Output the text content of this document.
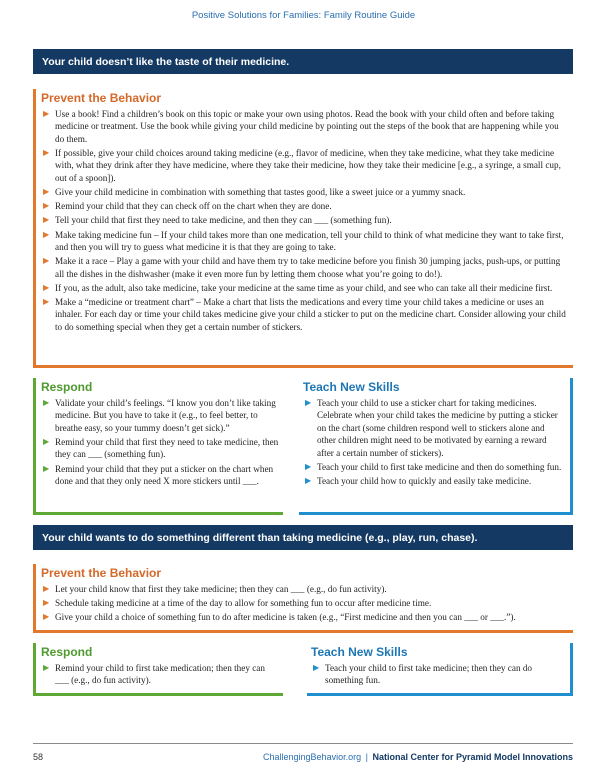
Positive Solutions for Families: Family Routine Guide
Your child doesn’t like the taste of their medicine.
Prevent the Behavior
▶ Use a book! Find a children’s book on this topic or make your own using photos. Read the book with your child often and before taking medicine or treatment. Use the book while giving your child medicine by pointing out the steps of the book that are happening while you do them.
▶ If possible, give your child choices around taking medicine (e.g., flavor of medicine, when they take medicine, what they take medicine with, what they drink after they have medicine, where they take their medicine, how they take their medicine [e.g., a syringe, a small cup, out of a spoon]).
▶ Give your child medicine in combination with something that tastes good, like a sweet juice or a yummy snack.
▶ Remind your child that they can check off on the chart when they are done.
▶ Tell your child that first they need to take medicine, and then they can ___ (something fun).
▶ Make taking medicine fun – If your child takes more than one medication, tell your child to think of what medicine they want to take first, and then you will try to guess what medicine it is that they are going to take.
▶ Make it a race – Play a game with your child and have them try to take medicine before you finish 30 jumping jacks, push-ups, or putting all the dishes in the dishwasher (make it even more fun by letting them choose what you’re going to do!).
▶ If you, as the adult, also take medicine, take your medicine at the same time as your child, and see who can take all their medicine first.
▶ Make a “medicine or treatment chart” – Make a chart that lists the medications and every time your child takes a medicine or uses an inhaler. For each day or time your child takes medicine give your child a sticker to put on the medicine chart. Consider allowing your child to do something special when they get a certain number of stickers.
Respond
▶ Validate your child’s feelings. “I know you don’t like taking medicine. But you have to take it (e.g., to feel better, to breathe easy, so your tummy doesn’t get sick).”
▶ Remind your child that first they need to take medicine, then they can ___ (something fun).
▶ Remind your child that they put a sticker on the chart when done and that they only need X more stickers until ___.
Teach New Skills
▶ Teach your child to use a sticker chart for taking medicines. Celebrate when your child takes the medicine by putting a sticker on the chart (some children respond well to stickers alone and other children might need to be motivated by earning a reward after a certain number of stickers).
▶ Teach your child to first take medicine and then do something fun.
▶ Teach your child how to quickly and easily take medicine.
Your child wants to do something different than taking medicine (e.g., play, run, chase).
Prevent the Behavior
▶ Let your child know that first they take medicine; then they can ___ (e.g., do fun activity).
▶ Schedule taking medicine at a time of the day to allow for something fun to occur after medicine time.
▶ Give your child a choice of something fun to do after medicine is taken (e.g., “First medicine and then you can ___ or ___.”).
Respond
▶ Remind your child to first take medication; then they can ___ (e.g., do fun activity).
Teach New Skills
▶ Teach your child to first take medicine; then they can do something fun.
58	ChallengingBehavior.org | National Center for Pyramid Model Innovations
